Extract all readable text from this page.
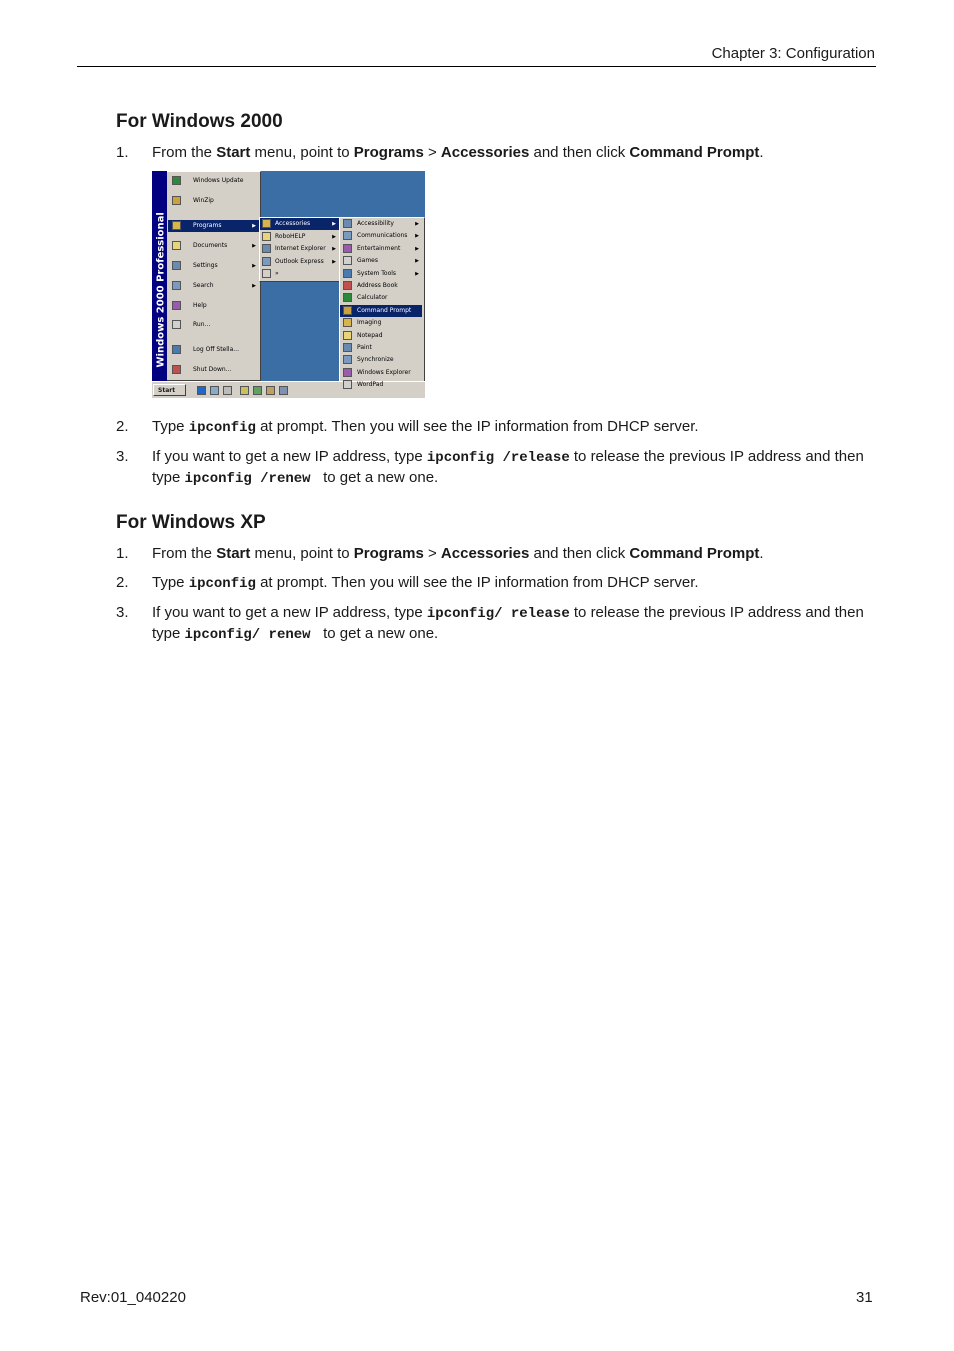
Chapter 3: Configuration
For Windows 2000
1. From the Start menu, point to Programs > Accessories and then click Command Prompt.
Windows 2000 Professional
Start
Windows Update
WinZip
Programs	▶
Documents	▶
Settings	▶
Search	▶
Help
Run...
Log Off Stella...
Shut Down...
Accessories	▶
RoboHELP	▶
Internet Explorer ▶
Outlook Express ▶
»
Accessibility	▶
Communications ▶
Entertainment	▶
Games	▶
System Tools	▶
Address Book
Calculator
Command Prompt
Imaging
Notepad
Paint
Synchronize
Windows Explorer
WordPad
2. Type ipconfig at prompt. Then you will see the IP information from DHCP server.
3. If you want to get a new IP address, type ipconfig /release to release the previous IP address and then type ipconfig /renew  to get a new one.
For Windows XP
1. From the Start menu, point to Programs > Accessories and then click Command Prompt.
2. Type ipconfig at prompt. Then you will see the IP information from DHCP server.
3. If you want to get a new IP address, type ipconfig/ release to release the previous IP address and then type ipconfig/ renew  to get a new one.
Rev:01_040220	31
